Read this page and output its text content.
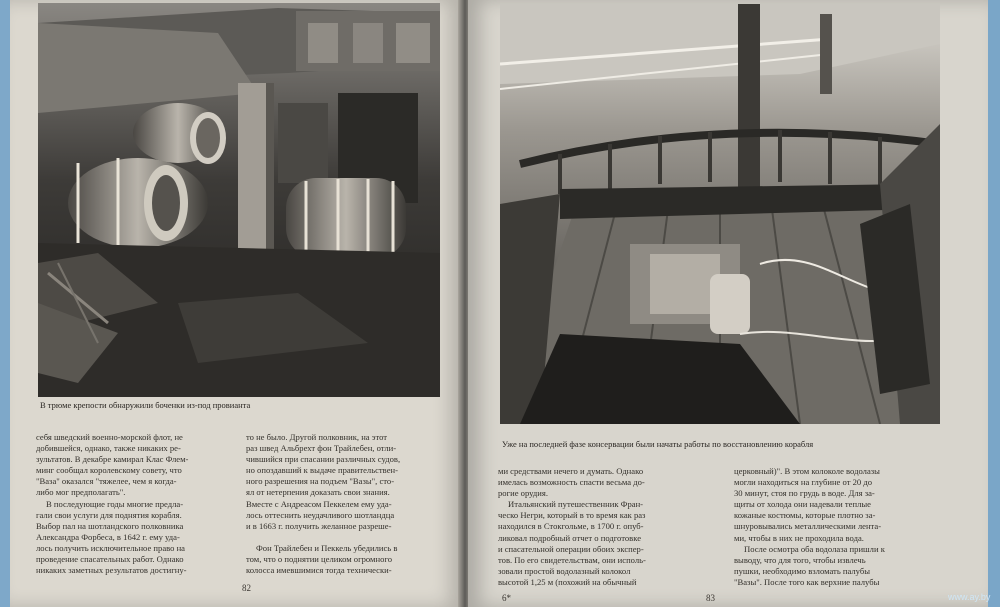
В трюме крепости обнаружили боченки из-под провианта

себя шведский военно-морской флот, не

добившейся, однако, также никаких ре-

зультатов. В декабре камирал Клас Флем-

минг сообщал королевскому совету, что

"Ваза" оказался "тяжелее, чем я когда-

либо мог предполагать".

В последующие годы многие предла-

гали свои услуги для поднятия корабля.

Выбор пал на шотландского полковника

Александра Форбеса, в 1642 г. ему уда-

лось получить исключительное право на

проведение спасательных работ. Однако

никаких заметных результатов достигну-

то не было. Другой полковник, на этот

раз швед Альбрехт фон Трайлебен, отли-

чившийся при спасании различных судов,

но опоздавший к выдаче правительствен-

ного разрешения на подъем "Вазы", сто-

ял от нетерпения доказать свои знания.

Вместе с Андреасом Пеккелем ему уда-

лось оттеснить неудачливого шотландца

и в 1663 г. получить желанное разреше-

Фон Трайлебен и Пеккель убедились в

том, что о поднятии целиком огромного

колосса имевшимися тогда технически-

82
Уже на последней фазе консервации были начаты работы по восстановлению корабля

ми средствами нечего и думать. Однако

имелась возможность спасти весьма до-

рогие орудия.

Итальянский путешественник Фран-

ческо Негри, который в то время как раз

находился в Стокгольме, в 1700 г. опуб-

ликовал подробный отчет о подготовке

и спасательной операции обоих экспер-

тов. По его свидетельствам, они исполь-

зовали простой водолазный колокол

высотой 1,25 м (похожий на обычный

церковный)". В этом колоколе водолазы

могли находиться на глубине от 20 до

30 минут, стоя по грудь в воде. Для за-

щиты от холода они надевали теплые

кожаные костюмы, которые плотно за-

шнуровывались металлическими лента-

ми, чтобы в них не проходила вода.

После осмотра оба водолаза пришли к

выводу, что для того, чтобы извлечь

пушки, необходимо взломать палубы

"Вазы". После того как верхние палубы

6*	83	www.ay.by
